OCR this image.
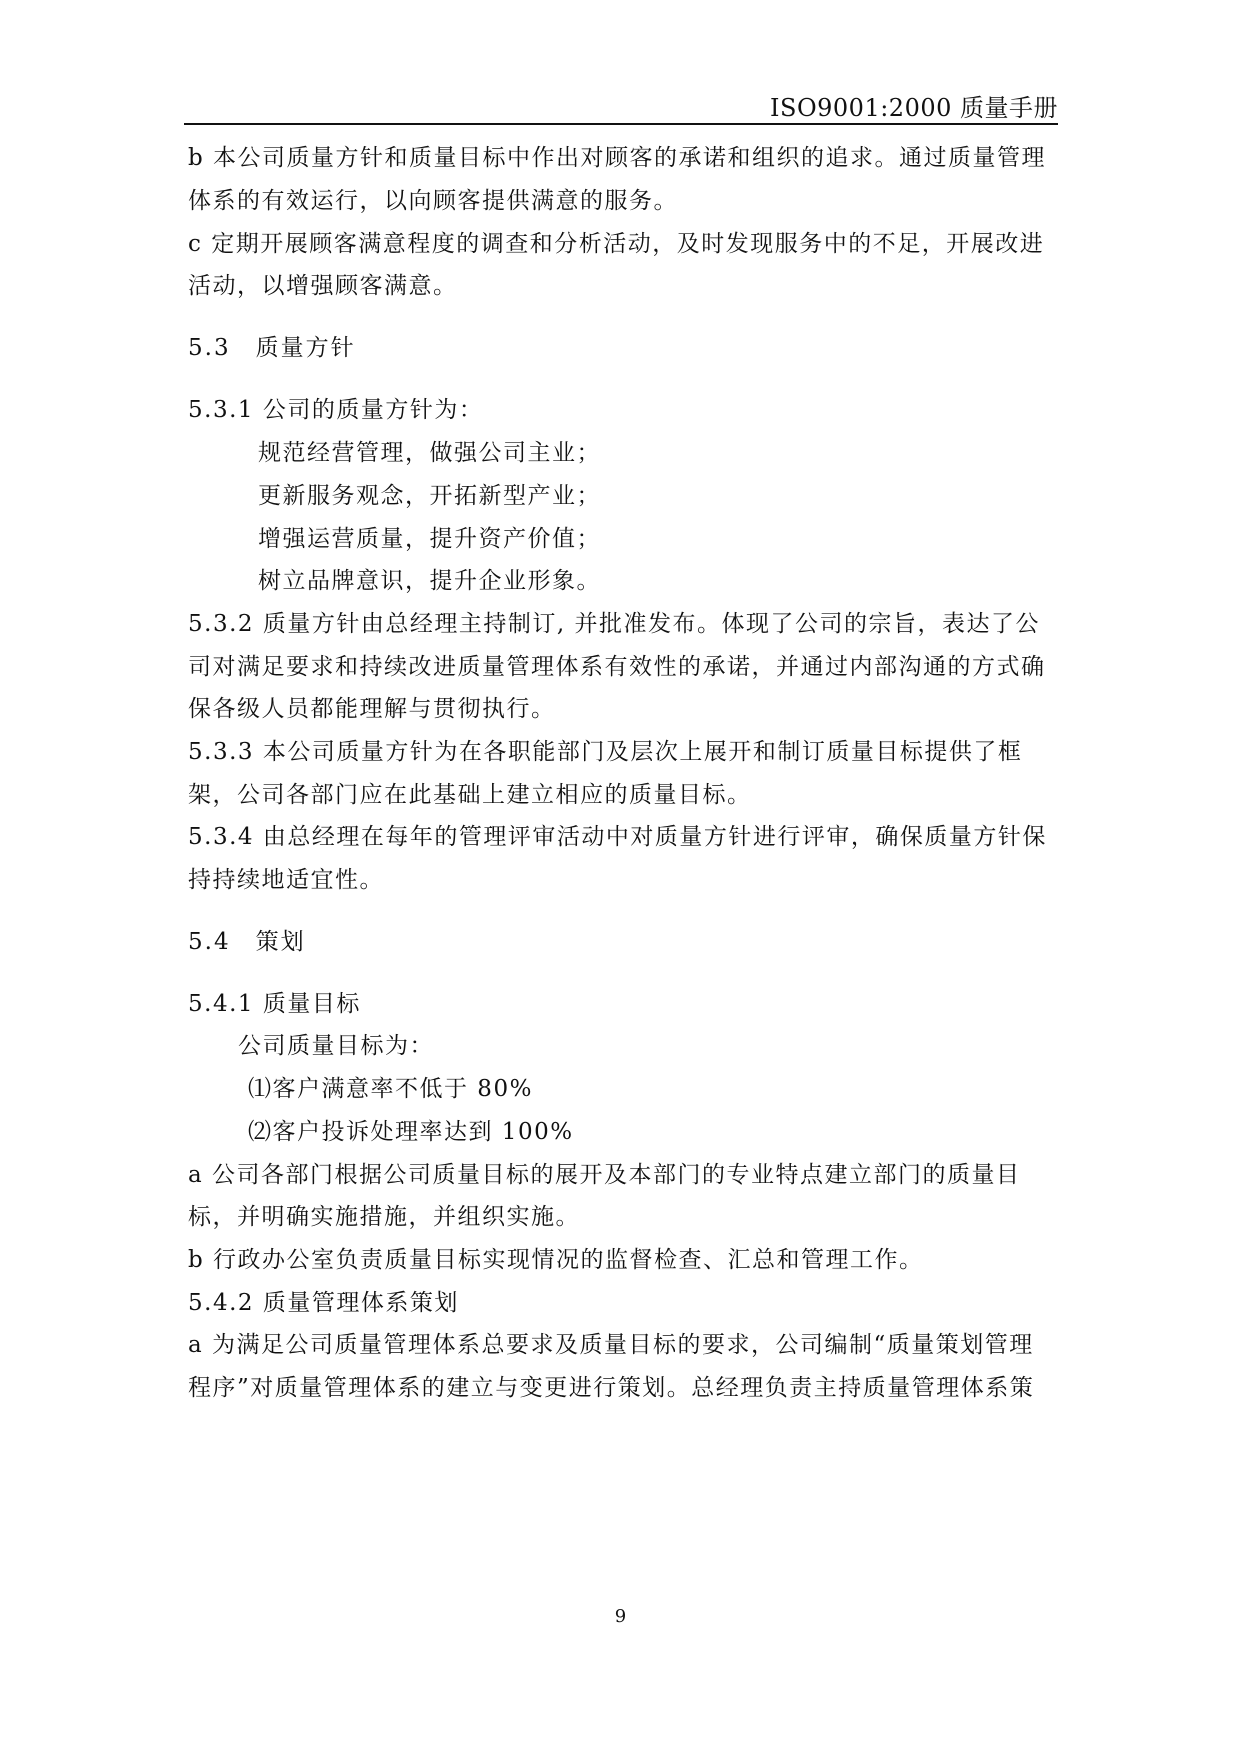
ISO9001:2000 质量手册
b 本公司质量方针和质量目标中作出对顾客的承诺和组织的追求。通过质量管理
体系的有效运行，以向顾客提供满意的服务。
c 定期开展顾客满意程度的调查和分析活动，及时发现服务中的不足，开展改进
活动，以增强顾客满意。
5.3　质量方针
5.3.1 公司的质量方针为：
规范经营管理，做强公司主业；
更新服务观念，开拓新型产业；
增强运营质量，提升资产价值；
树立品牌意识，提升企业形象。
5.3.2 质量方针由总经理主持制订, 并批准发布。体现了公司的宗旨，表达了公
司对满足要求和持续改进质量管理体系有效性的承诺，并通过内部沟通的方式确
保各级人员都能理解与贯彻执行。
5.3.3 本公司质量方针为在各职能部门及层次上展开和制订质量目标提供了框
架，公司各部门应在此基础上建立相应的质量目标。
5.3.4 由总经理在每年的管理评审活动中对质量方针进行评审，确保质量方针保
持持续地适宜性。
5.4　策划
5.4.1 质量目标
公司质量目标为：
⑴客户满意率不低于 80%
⑵客户投诉处理率达到 100%
a 公司各部门根据公司质量目标的展开及本部门的专业特点建立部门的质量目
标，并明确实施措施，并组织实施。
b 行政办公室负责质量目标实现情况的监督检查、汇总和管理工作。
5.4.2 质量管理体系策划
a 为满足公司质量管理体系总要求及质量目标的要求，公司编制“质量策划管理
程序”对质量管理体系的建立与变更进行策划。总经理负责主持质量管理体系策
9
